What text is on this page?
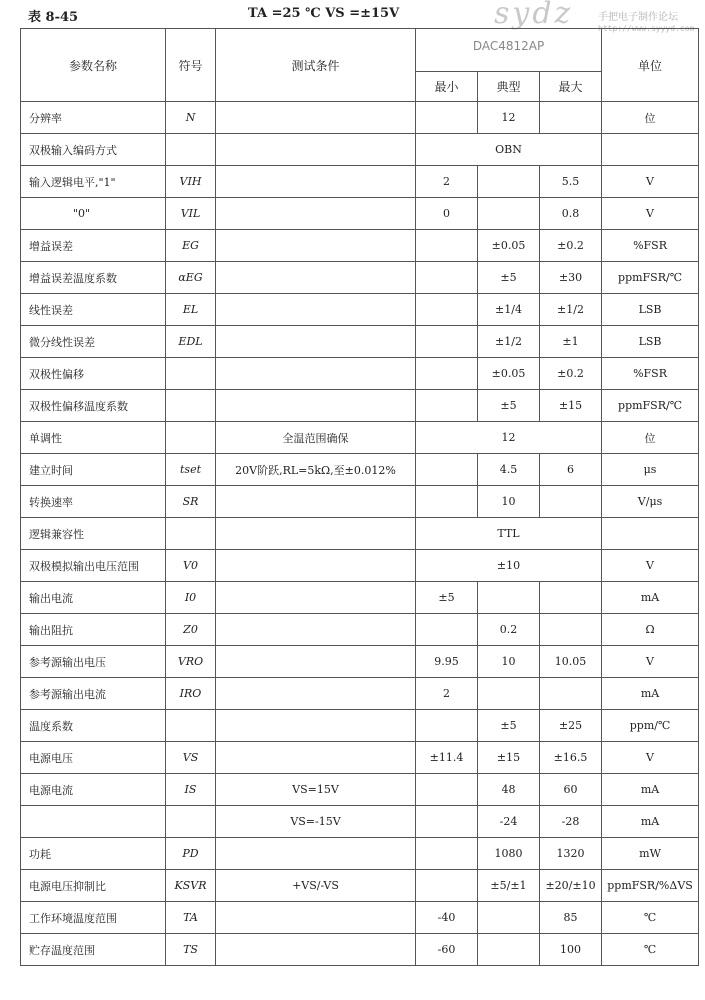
表 8-45	TA =25 ℃ VS =±15V	sydz 手把电子制作论坛
http://www.syyyd.com
参数名称	符号	测试条件	DAC4812AP			单位
			最小	典型	最大	
分辨率	N			12		位
双极输入编码方式			OBN			
输入逻辑电平,"1"	VIH		2		5.5	V
"0"	VIL		0		0.8	V
增益误差	EG			±0.05	±0.2	%FSR
增益误差温度系数	αEG			±5	±30	ppmFSR/℃
线性误差	EL			±1/4	±1/2	LSB
微分线性误差	EDL			±1/2	±1	LSB
双极性偏移				±0.05	±0.2	%FSR
双极性偏移温度系数				±5	±15	ppmFSR/℃
单调性		全温范围确保	12			位
建立时间	tset	20V阶跃,RL=5kΩ,至±0.012%		4.5	6	μs
转换速率	SR			10		V/μs
逻辑兼容性			TTL			
双极模拟输出电压范围	V0		±10			V
输出电流	I0		±5			mA
输出阻抗	Z0			0.2		Ω
参考源输出电压	VRO		9.95	10	10.05	V
参考源输出电流	IRO		2			mA
温度系数				±5	±25	ppm/℃
电源电压	VS		±11.4	±15	±16.5	V
电源电流	IS	VS=15V		48	60	mA
		VS=-15V		-24	-28	mA
功耗	PD			1080	1320	mW
电源电压抑制比	KSVR	+VS/-VS		±5/±1	±20/±10	ppmFSR/%ΔVS
工作环境温度范围	TA		-40		85	℃
贮存温度范围	TS		-60		100	℃
